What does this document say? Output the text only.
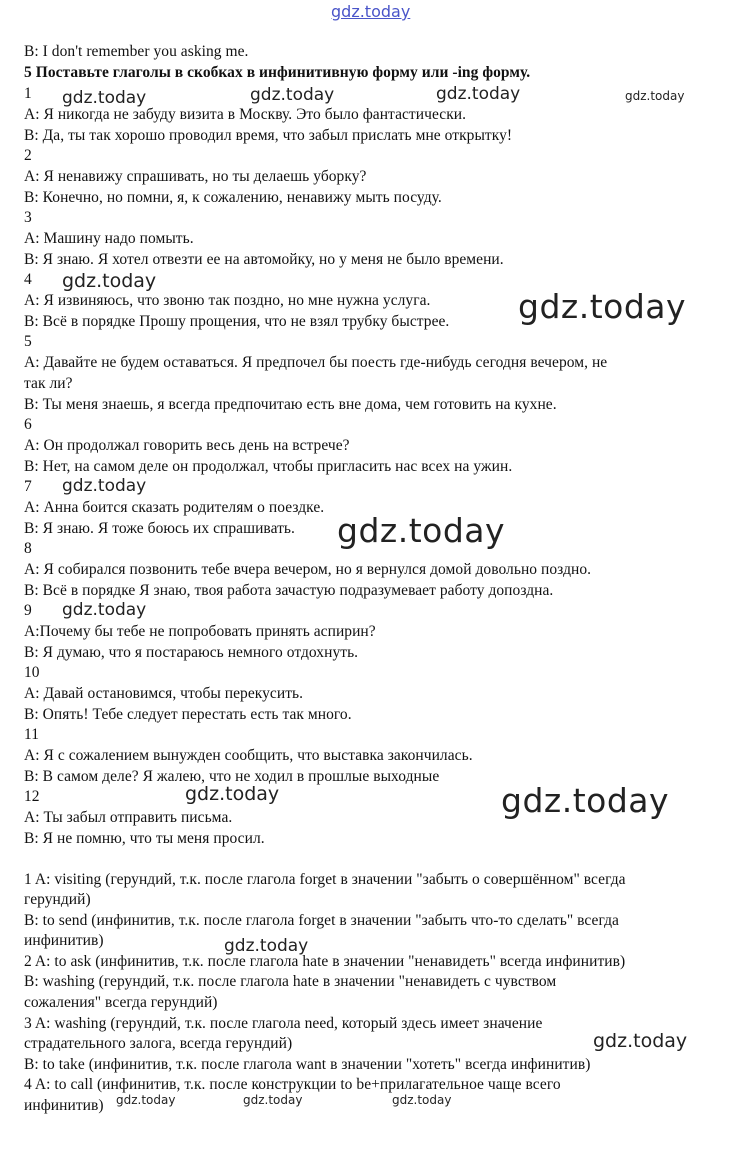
gdz.today
B: I don't remember you asking me.
5 Поставьте глаголы в скобках в инфинитивную форму или -ing форму.
1
А: Я никогда не забуду визита в Москву. Это было фантастически.
В: Да, ты так хорошо проводил время, что забыл прислать мне открытку!
2
А: Я ненавижу спрашивать, но ты делаешь уборку?
В: Конечно, но помни, я, к сожалению, ненавижу мыть посуду.
3
А: Машину надо помыть.
В: Я знаю. Я хотел отвезти ее на автомойку, но у меня не было времени.
4
А: Я извиняюсь, что звоню так поздно, но мне нужна услуга.
В: Всё в порядке Прошу прощения, что не взял трубку быстрее.
5
А: Давайте не будем оставаться. Я предпочел бы поесть где-нибудь сегодня вечером, не
так ли?
В: Ты меня знаешь, я всегда предпочитаю есть вне дома, чем готовить на кухне.
6
А: Он продолжал говорить весь день на встрече?
В: Нет, на самом деле он продолжал, чтобы пригласить нас всех на ужин.
7
А: Анна боится сказать родителям о поездке.
В: Я знаю. Я тоже боюсь их спрашивать.
8
А: Я собирался позвонить тебе вчера вечером, но я вернулся домой довольно поздно.
В: Всё в порядке Я знаю, твоя работа зачастую подразумевает работу допоздна.
9
А:Почему бы тебе не попробовать принять аспирин?
В: Я думаю, что я постараюсь немного отдохнуть.
10
А: Давай остановимся, чтобы перекусить.
В: Опять! Тебе следует перестать есть так много.
11
А: Я с сожалением вынужден сообщить, что выставка закончилась.
В: В самом деле? Я жалею, что не ходил в прошлые выходные
12
А: Ты забыл отправить письма.
В: Я не помню, что ты меня просил.
1 A: visiting (герундий, т.к. после глагола forget в значении "забыть о совершённом" всегда
герундий)
B: to send (инфинитив, т.к. после глагола forget в значении "забыть что-то сделать" всегда
инфинитив)
2 A: to ask (инфинитив, т.к. после глагола hate в значении "ненавидеть" всегда инфинитив)
B: washing (герундий, т.к. после глагола hate в значении "ненавидеть с чувством
сожаления" всегда герундий)
3 A: washing (герундий, т.к. после глагола need, который здесь имеет значение
страдательного залога, всегда герундий)
B: to take (инфинитив, т.к. после глагола want в значении "хотеть" всегда инфинитив)
4 A: to call (инфинитив, т.к. после конструкции to be+прилагательное чаще всего
инфинитив)
gdz.today	gdz.today	gdz.today	gdz.today
gdz.today
gdz.today
gdz.today
gdz.today
gdz.today
gdz.today	gdz.today
gdz.today
gdz.today
gdz.today	gdz.today	gdz.today
